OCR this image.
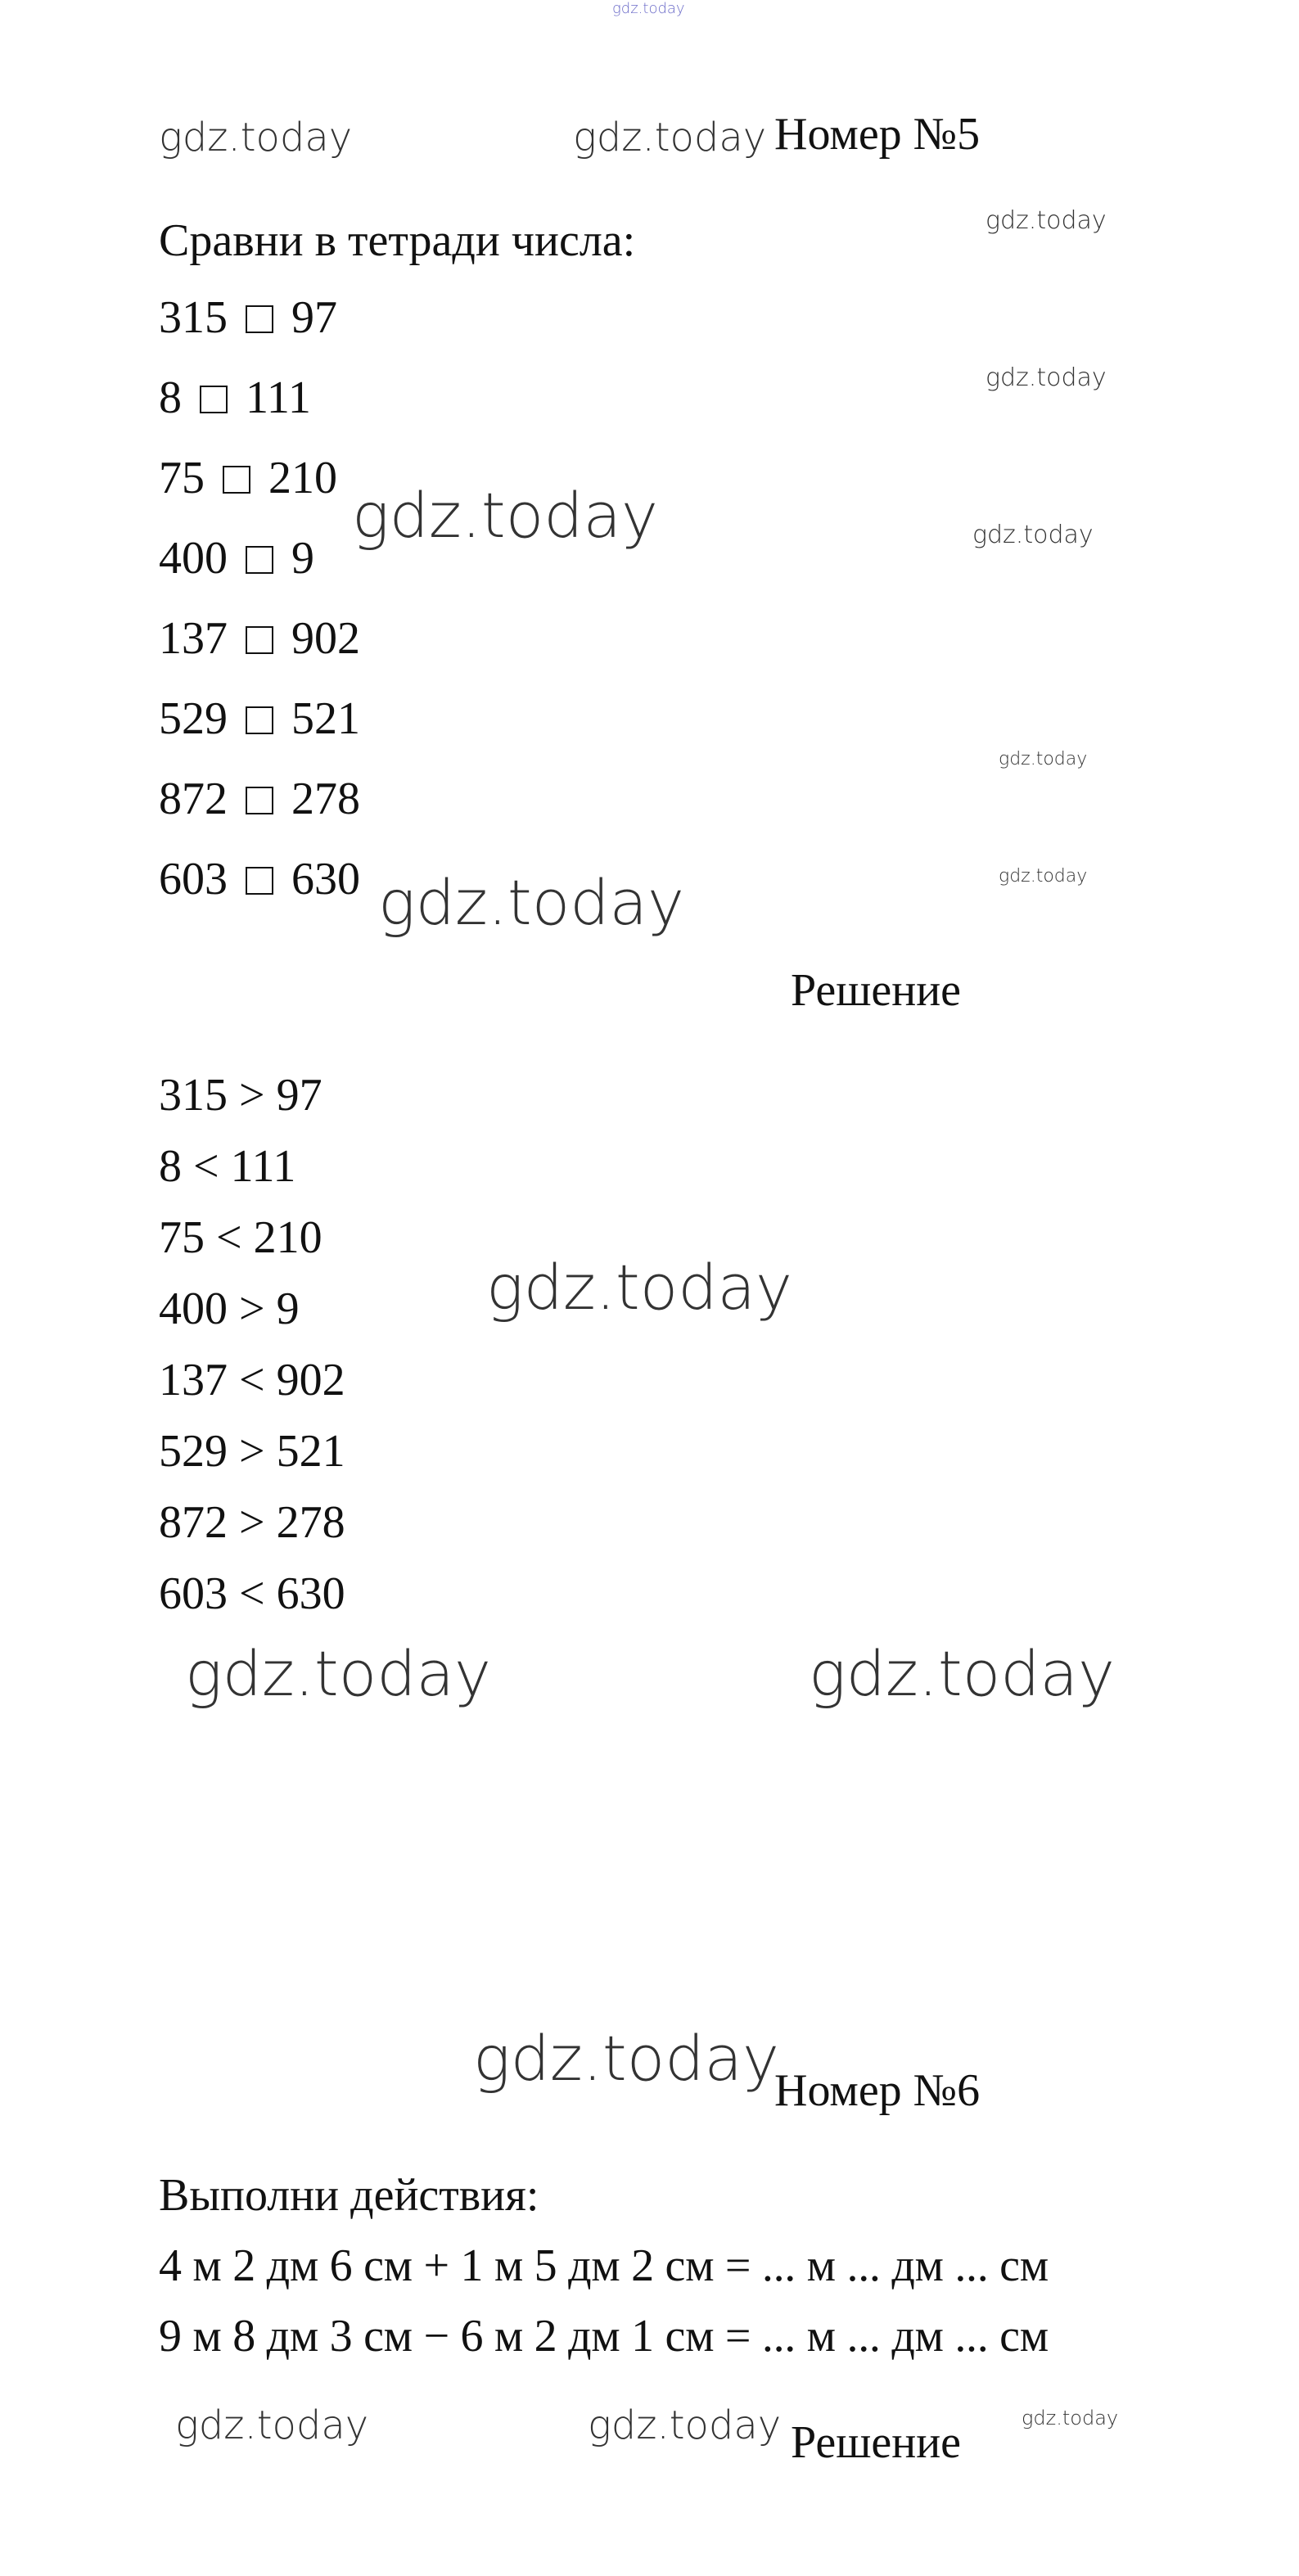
gdz.today
gdz.today	gdz.today
gdz.today
gdz.today
gdz.today	gdz.today
gdz.today
gdz.today
gdz.today
gdz.today
gdz.today	gdz.today
gdz.today
gdz.today	gdz.today	gdz.today
Номер №5
Сравни в тетради числа:
315 97
8 111
75 210
400 9
137 902
529 521
872 278
603 630
Решение
315 > 97
8 < 111
75 < 210
400 > 9
137 < 902
529 > 521
872 > 278
603 < 630
Номер №6
Выполни действия:
4 м 2 дм 6 см + 1 м 5 дм 2 см = ... м ... дм ... см
9 м 8 дм 3 см − 6 м 2 дм 1 см = ... м ... дм ... см
Решение
